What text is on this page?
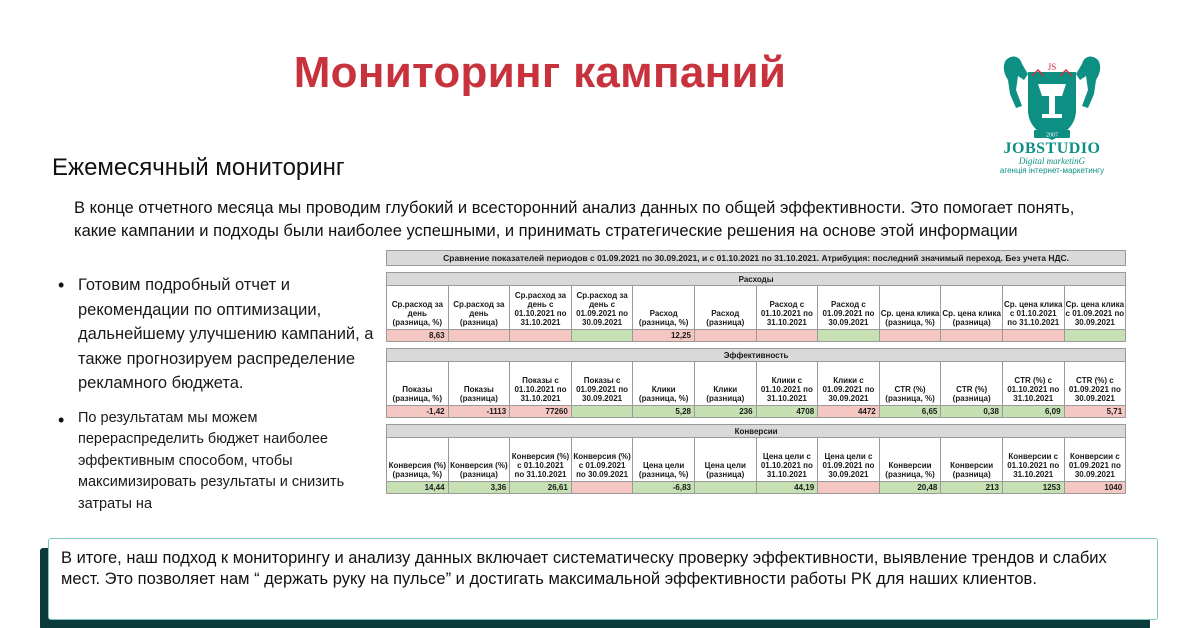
Мониторинг кампаний	JS
2007
JOBSTUDIO
Digital marketinG
агенція інтернет-маркетингу
Ежемесячный мониторинг
В конце отчетного месяца мы проводим глубокий и всесторонний анализ данных по общей эффективности. Это помогает понять, какие кампании и подходы были наиболее успешными, и принимать стратегические решения на основе этой информации
• Готовим подробный отчет и рекомендации по оптимизации, дальнейшему улучшению кампаний, а также прогнозируем распределение рекламного бюджета.
• По результатам мы можем перераспределить бюджет наиболее эффективным способом, чтобы максимизировать результаты и снизить затраты на
Сравнение показателей периодов с 01.09.2021 по 30.09.2021, и с 01.10.2021 по 31.10.2021. Атрибуция: последний значимый переход. Без учета НДС.											

Расходы											
Ср.расход за день (разница, %)	Ср.расход за день (разница)	Ср.расход за день с 01.10.2021 по 31.10.2021	Ср.расход за день с 01.09.2021 по 30.09.2021	Расход (разница, %)	Расход (разница)	Расход с 01.10.2021 по 31.10.2021	Расход с 01.09.2021 по 30.09.2021	Ср. цена клика (разница, %)	Ср. цена клика (разница)	Ср. цена клика с 01.10.2021 по 31.10.2021	Ср. цена клика с 01.09.2021 по 30.09.2021
8,63				12,25							

Эффективность											
Показы (разница, %)	Показы (разница)	Показы с 01.10.2021 по 31.10.2021	Показы с 01.09.2021 по 30.09.2021	Клики (разница, %)	Клики (разница)	Клики с 01.10.2021 по 31.10.2021	Клики с 01.09.2021 по 30.09.2021	CTR (%) (разница, %)	CTR (%) (разница)	CTR (%) с 01.10.2021 по 31.10.2021	CTR (%) с 01.09.2021 по 30.09.2021
-1,42	-1113	77260		5,28	236	4708	4472	6,65	0,38	6,09	5,71

Конверсии											
Конверсия (%) (разница, %)	Конверсия (%) (разница)	Конверсия (%) с 01.10.2021 по 31.10.2021	Конверсия (%) с 01.09.2021 по 30.09.2021	Цена цели (разница, %)	Цена цели (разница)	Цена цели с 01.10.2021 по 31.10.2021	Цена цели с 01.09.2021 по 30.09.2021	Конверсии (разница, %)	Конверсии (разница)	Конверсии с 01.10.2021 по 31.10.2021	Конверсии с 01.09.2021 по 30.09.2021
14,44	3,36	26,61		-6,83		44,19		20,48	213	1253	1040
В итоге, наш подход к мониторингу и анализу данных включает систематическу проверку эффективности, выявление трендов и слабих мест. Это позволяет нам “ держать руку на пульсе” и достигать максимальной эффективности работы РК для наших клиентов.
